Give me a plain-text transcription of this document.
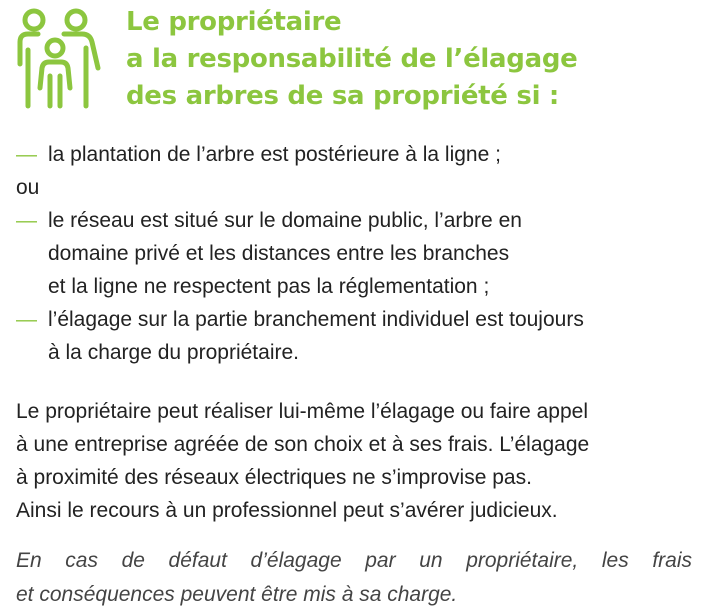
Le propriétaire
a la responsabilité de l’élagage
des arbres de sa propriété si :
— la plantation de l’arbre est postérieure à la ligne ;
ou
— le réseau est situé sur le domaine public, l’arbre en
domaine privé et les distances entre les branches
et la ligne ne respectent pas la réglementation ;
— l’élagage sur la partie branchement individuel est toujours
à la charge du propriétaire.

Le propriétaire peut réaliser lui-même l’élagage ou faire appel
à une entreprise agréée de son choix et à ses frais. L’élagage
à proximité des réseaux électriques ne s’improvise pas.
Ainsi le recours à un professionnel peut s’avérer judicieux.

En cas de défaut d’élagage par un propriétaire, les frais
et conséquences peuvent être mis à sa charge.
